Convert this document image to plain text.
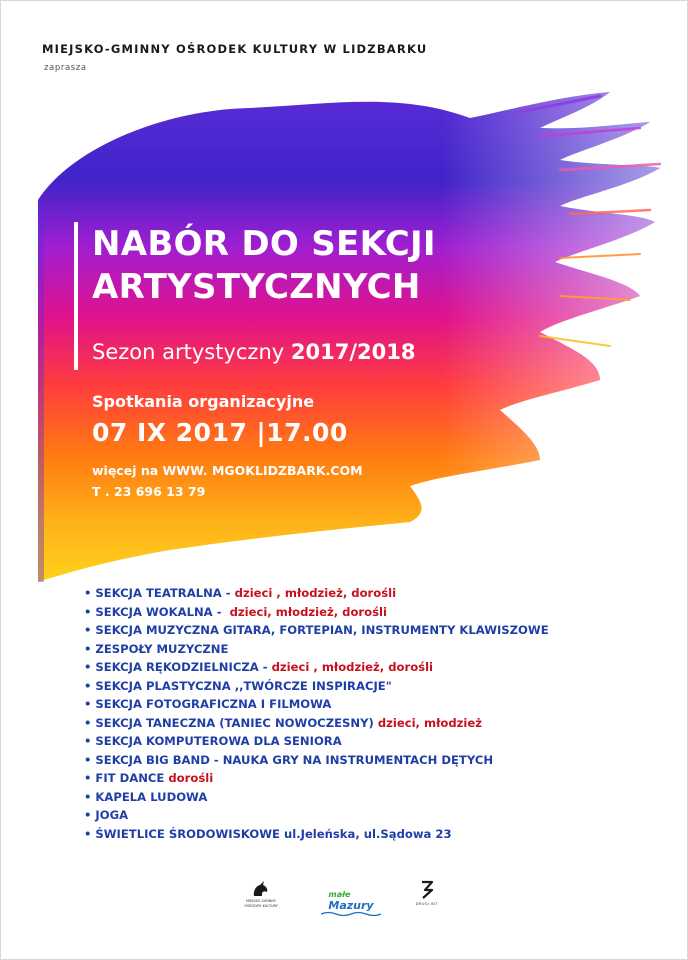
MIEJSKO-GMINNY OŚRODEK KULTURY W LIDZBARKU
zaprasza
NABÓR DO SEKCJI
ARTYSTYCZNYCH
Sezon artystyczny 2017/2018
Spotkania organizacyjne
07 IX 2017 |17.00
więcej na WWW. MGOKLIDZBARK.COM
T . 23 696 13 79
• SEKCJA TEATRALNA - dzieci , młodzież, dorośli
• SEKCJA WOKALNA -  dzieci, młodzież, dorośli
• SEKCJA MUZYCZNA GITARA, FORTEPIAN, INSTRUMENTY KLAWISZOWE
• ZESPOŁY MUZYCZNE
• SEKCJA RĘKODZIELNICZA - dzieci , młodzież, dorośli
• SEKCJA PLASTYCZNA ,,TWÓRCZE INSPIRACJE"
• SEKCJA FOTOGRAFICZNA I FILMOWA
• SEKCJA TANECZNA (TANIEC NOWOCZESNY) dzieci, młodzież
• SEKCJA KOMPUTEROWA DLA SENIORA
• SEKCJA BIG BAND - NAUKA GRY NA INSTRUMENTACH DĘTYCH
• FIT DANCE dorośli
• KAPELA LUDOWA
• JOGA
• ŚWIETLICE ŚRODOWISKOWE ul.Jeleńska, ul.Sądowa 23
MIEJSKO-GMINNY
OŚRODEK KULTURY
małe
Mazury	DRUGI BIT
